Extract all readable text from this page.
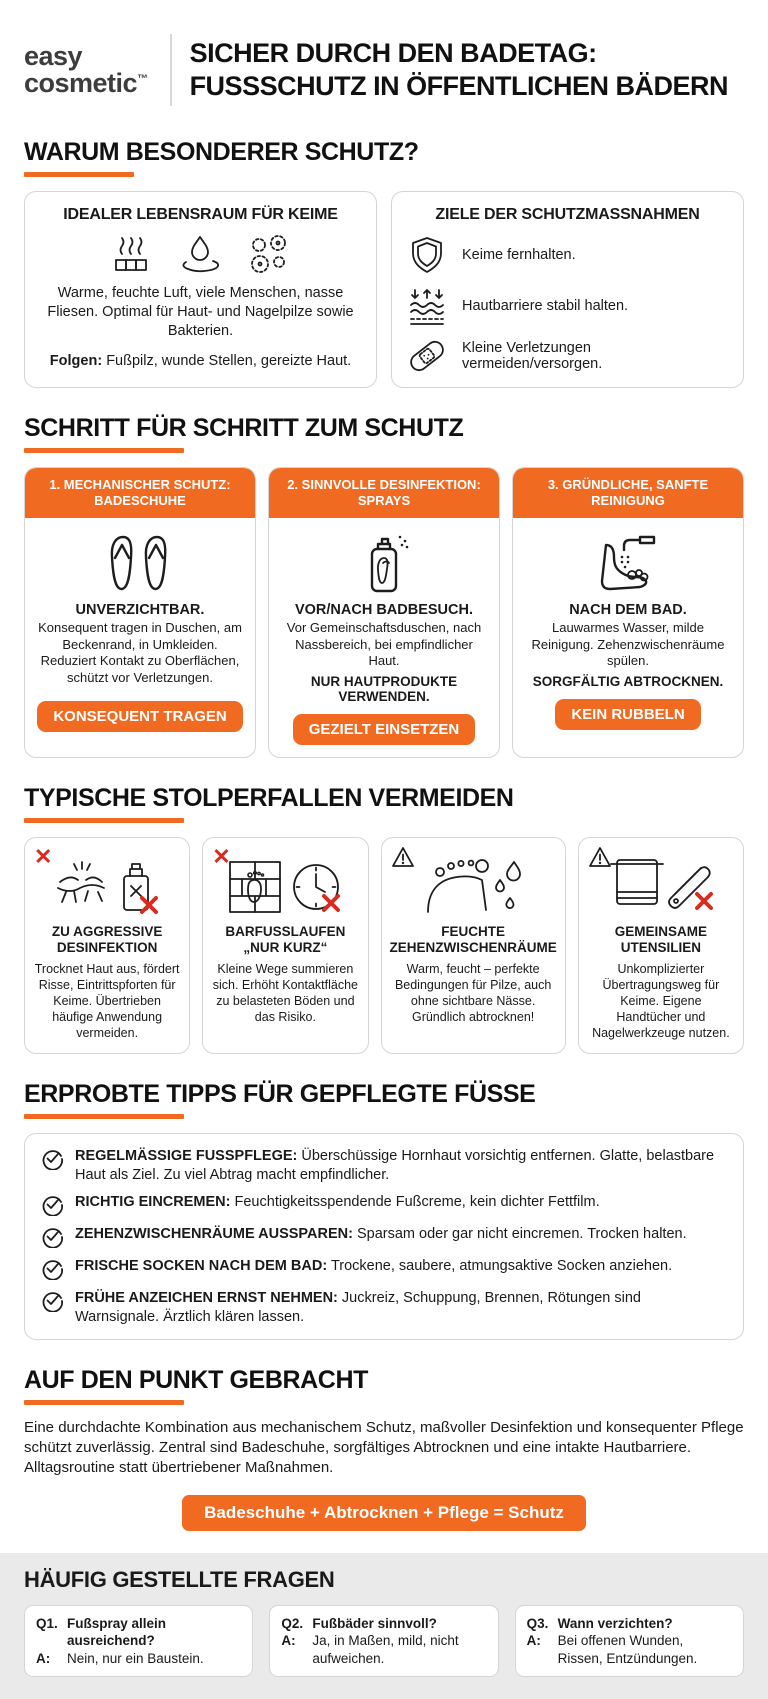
easy
cosmetic™
SICHER DURCH DEN BADETAG:
FUSSSCHUTZ IN ÖFFENTLICHEN BÄDERN
WARUM BESONDERER SCHUTZ?
IDEALER LEBENSRAUM FÜR KEIME
Warme, feuchte Luft, viele Menschen, nasse Fliesen. Optimal für Haut- und Nagelpilze sowie Bakterien.
Folgen: Fußpilz, wunde Stellen, gereizte Haut.
ZIELE DER SCHUTZMASSNAHMEN
Keime fernhalten.
Hautbarriere stabil halten.
Kleine Verletzungen vermeiden/versorgen.
SCHRITT FÜR SCHRITT ZUM SCHUTZ
1. MECHANISCHER SCHUTZ: BADESCHUHE
UNVERZICHTBAR.
Konsequent tragen in Duschen, am Beckenrand, in Umkleiden. Reduziert Kontakt zu Oberflächen, schützt vor Verletzungen.
KONSEQUENT TRAGEN
2. SINNVOLLE DESINFEKTION: SPRAYS
VOR/NACH BADBESUCH.
Vor Gemeinschaftsduschen, nach Nassbereich, bei empfindlicher Haut.
NUR HAUTPRODUKTE VERWENDEN.
GEZIELT EINSETZEN
3. GRÜNDLICHE, SANFTE REINIGUNG
NACH DEM BAD.
Lauwarmes Wasser, milde Reinigung. Zehenzwischenräume spülen.
SORGFÄLTIG ABTROCKNEN.
KEIN RUBBELN
TYPISCHE STOLPERFALLEN VERMEIDEN
✕
ZU AGGRESSIVE DESINFEKTION
Trocknet Haut aus, fördert Risse, Eintrittspforten für Keime. Übertrieben häufige Anwendung vermeiden.
✕
BARFUSSLAUFEN „NUR KURZ“
Kleine Wege summieren sich. Erhöht Kontaktfläche zu belasteten Böden und das Risiko.
FEUCHTE ZEHENZWISCHENRÄUME
Warm, feucht – perfekte Bedingungen für Pilze, auch ohne sichtbare Nässe. Gründlich abtrocknen!
GEMEINSAME UTENSILIEN
Unkomplizierter Übertragungsweg für Keime. Eigene Handtücher und Nagelwerkzeuge nutzen.
ERPROBTE TIPPS FÜR GEPFLEGTE FÜSSE
REGELMÄSSIGE FUSSPFLEGE: Überschüssige Hornhaut vorsichtig entfernen. Glatte, belastbare Haut als Ziel. Zu viel Abtrag macht empfindlicher.
RICHTIG EINCREMEN: Feuchtigkeitsspendende Fußcreme, kein dichter Fettfilm.
ZEHENZWISCHENRÄUME AUSSPAREN: Sparsam oder gar nicht eincremen. Trocken halten.
FRISCHE SOCKEN NACH DEM BAD: Trockene, saubere, atmungsaktive Socken anziehen.
FRÜHE ANZEICHEN ERNST NEHMEN: Juckreiz, Schuppung, Brennen, Rötungen sind Warnsignale. Ärztlich klären lassen.
AUF DEN PUNKT GEBRACHT

Eine durchdachte Kombination aus mechanischem Schutz, maßvoller Desinfektion und konsequenter Pflege schützt zuverlässig. Zentral sind Badeschuhe, sorgfältiges Abtrocknen und eine intakte Hautbarriere. Alltagsroutine statt übertriebener Maßnahmen.

Badeschuhe + Abtrocknen + Pflege = Schutz
HÄUFIG GESTELLTE FRAGEN
Q1. Fußspray allein ausreichend?
A:	Nein, nur ein Baustein.
Q2. Fußbäder sinnvoll?
A:	Ja, in Maßen, mild, nicht aufweichen.
Q3. Wann verzichten?
A:	Bei offenen Wunden, Rissen, Entzündungen.
